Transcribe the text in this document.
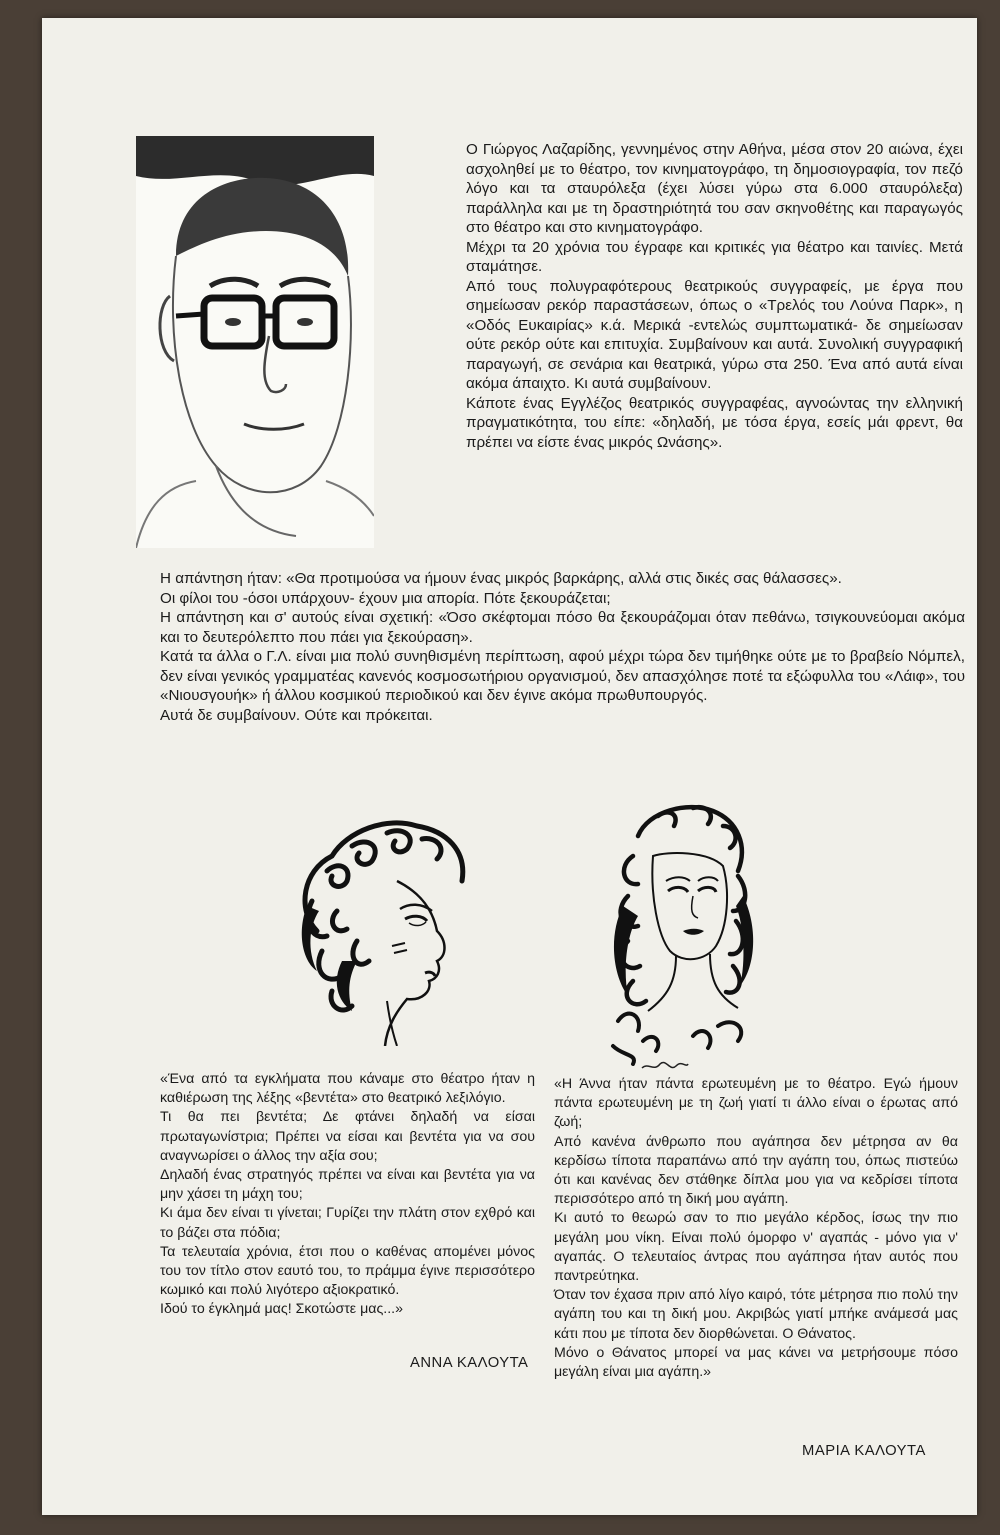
Ο Γιώργος Λαζαρίδης, γεννημένος στην Αθήνα, μέσα στον 20 αιώνα, έχει ασχοληθεί με το θέατρο, τον κινηματογράφο, τη δημοσιογραφία, τον πεζό λόγο και τα σταυρόλεξα (έχει λύσει γύρω στα 6.000 σταυρόλεξα) παράλληλα και με τη δραστηριότητά του σαν σκηνοθέτης και παραγωγός στο θέατρο και στο κινηματογράφο.

Μέχρι τα 20 χρόνια του έγραφε και κριτικές για θέατρο και ταινίες. Μετά σταμάτησε.

Από τους πολυγραφότερους θεατρικούς συγγραφείς, με έργα που σημείωσαν ρεκόρ παραστάσεων, όπως ο «Τρελός του Λούνα Παρκ», η «Οδός Ευκαιρίας» κ.ά. Μερικά -εντελώς συμπτωματικά- δε σημείωσαν ούτε ρεκόρ ούτε και επιτυχία. Συμβαίνουν και αυτά. Συνολική συγγραφική παραγωγή, σε σενάρια και θεατρικά, γύρω στα 250. Ένα από αυτά είναι ακόμα άπαιχτο. Κι αυτά συμβαίνουν.

Κάποτε ένας Εγγλέζος θεατρικός συγγραφέας, αγνοώντας την ελληνική πραγματικότητα, του είπε: «δηλαδή, με τόσα έργα, εσείς μάι φρεντ, θα πρέπει να είστε ένας μικρός Ωνάσης».

Η απάντηση ήταν: «Θα προτιμούσα να ήμουν ένας μικρός βαρκάρης, αλλά στις δικές σας θάλασσες».

Οι φίλοι του -όσοι υπάρχουν- έχουν μια απορία. Πότε ξεκουράζεται;

Η απάντηση και σ' αυτούς είναι σχετική: «Όσο σκέφτομαι πόσο θα ξεκουράζομαι όταν πεθάνω, τσιγκουνεύομαι ακόμα και το δευτερόλεπτο που πάει για ξεκούραση».

Κατά τα άλλα ο Γ.Λ. είναι μια πολύ συνηθισμένη περίπτωση, αφού μέχρι τώρα δεν τιμήθηκε ούτε με το βραβείο Νόμπελ, δεν είναι γενικός γραμματέας κανενός κοσμοσωτήριου οργανισμού, δεν απασχόλησε ποτέ τα εξώφυλλα του «Λάιφ», του «Νιουσγουήκ» ή άλλου κοσμικού περιοδικού και δεν έγινε ακόμα πρωθυπουργός.

Αυτά δε συμβαίνουν. Ούτε και πρόκειται.

«Ένα από τα εγκλήματα που κάναμε στο θέατρο ήταν η καθιέρωση της λέξης «βεντέτα» στο θεατρικό λεξιλόγιο.

Τι θα πει βεντέτα; Δε φτάνει δηλαδή να είσαι πρωταγωνίστρια; Πρέπει να είσαι και βεντέτα για να σου αναγνωρίσει ο άλλος την αξία σου;

Δηλαδή ένας στρατηγός πρέπει να είναι και βεντέτα για να μην χάσει τη μάχη του;

Κι άμα δεν είναι τι γίνεται; Γυρίζει την πλάτη στον εχθρό και το βάζει στα πόδια;

Τα τελευταία χρόνια, έτσι που ο καθένας απομένει μόνος του τον τίτλο στον εαυτό του, το πράμμα έγινε περισσότερο κωμικό και πολύ λιγότερο αξιοκρατικό.

Ιδού το έγκλημά μας! Σκοτώστε μας...»

ΑΝΝΑ ΚΑΛΟΥΤΑ

«Η Άννα ήταν πάντα ερωτευμένη με το θέατρο. Εγώ ήμουν πάντα ερωτευμένη με τη ζωή γιατί τι άλλο είναι ο έρωτας από ζωή;

Από κανένα άνθρωπο που αγάπησα δεν μέτρησα αν θα κερδίσω τίποτα παραπάνω από την αγάπη του, όπως πιστεύω ότι και κανένας δεν στάθηκε δίπλα μου για να κεδρίσει τίποτα περισσότερο από τη δική μου αγάπη.

Κι αυτό το θεωρώ σαν το πιο μεγάλο κέρδος, ίσως την πιο μεγάλη μου νίκη. Είναι πολύ όμορφο ν' αγαπάς - μόνο για ν' αγαπάς. Ο τελευταίος άντρας που αγάπησα ήταν αυτός που παντρεύτηκα.

Όταν τον έχασα πριν από λίγο καιρό, τότε μέτρησα πιο πολύ την αγάπη του και τη δική μου. Ακριβώς γιατί μπήκε ανάμεσά μας κάτι που με τίποτα δεν διορθώνεται. Ο Θάνατος.

Μόνο ο Θάνατος μπορεί να μας κάνει να μετρήσουμε πόσο μεγάλη είναι μια αγάπη.»

ΜΑΡΙΑ ΚΑΛΟΥΤΑ
